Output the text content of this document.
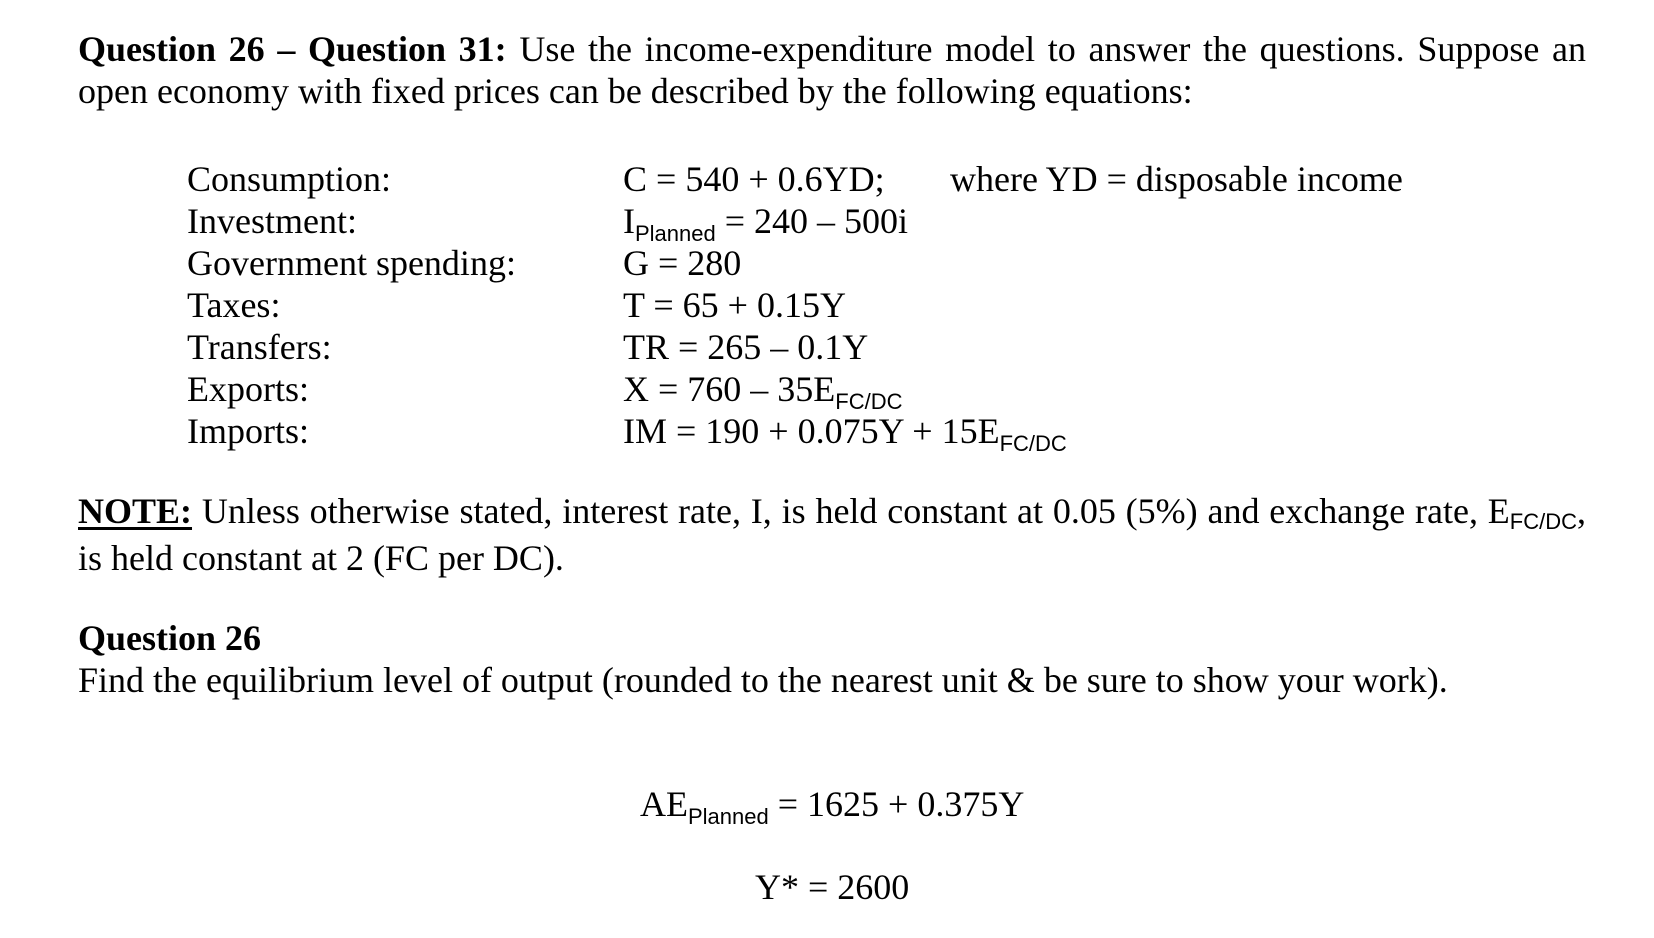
Question 26 – Question 31: Use the income-expenditure model to answer the questions. Suppose an open economy with fixed prices can be described by the following equations:
Consumption:	C = 540 + 0.6YD; where YD = disposable income
Investment:	$I_{Planned} = 240 - 500i$
Government spending:	G = 280
Taxes:	T = 65 + 0.15Y
Transfers:	TR = 265 – 0.1Y
Exports:	$X = 760 - 35E_{FC/DC}$
Imports:	IM = $190 + 0.075Y + 15E_{FC/DC}$
NOTE: Unless otherwise stated, interest rate, I, is held constant at 0.05 (5%) and exchange rate, EFC/DC, is held constant at 2 (FC per DC).
Question 26
Find the equilibrium level of output (rounded to the nearest unit & be sure to show your work).
$AE_{Planned} = 1625 + 0.375Y$
Y* = 2600
